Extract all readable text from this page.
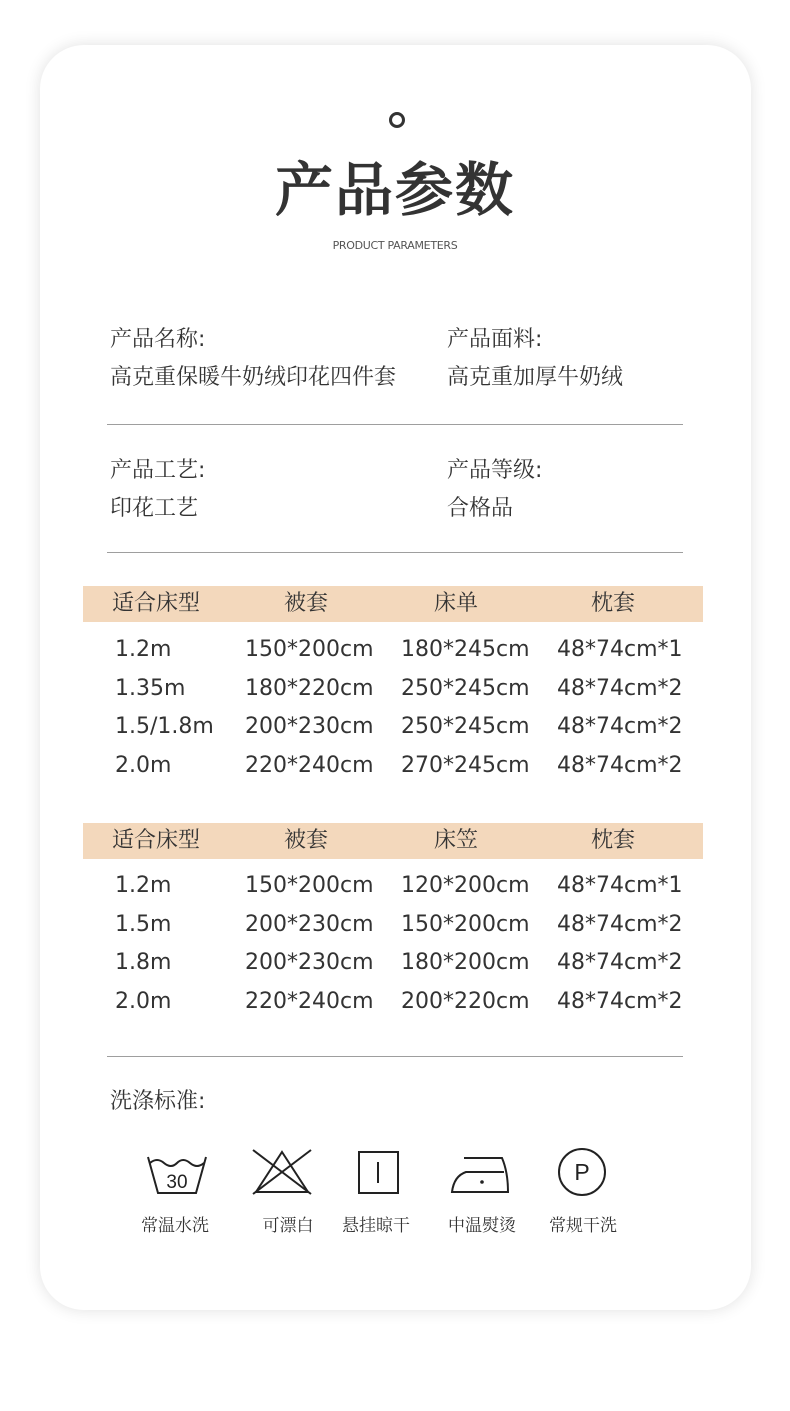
产品参数
PRODUCT PARAMETERS
产品名称:
高克重保暖牛奶绒印花四件套
产品面料:
高克重加厚牛奶绒
产品工艺:
印花工艺
产品等级:
合格品
适合床型	被套	床单	枕套
1.2m	150*200cm 180*245cm 48*74cm*1
1.35m	180*220cm 250*245cm 48*74cm*2
1.5/1.8m 200*230cm 250*245cm 48*74cm*2
2.0m	220*240cm 270*245cm 48*74cm*2
适合床型	被套	床笠	枕套
1.2m	150*200cm 120*200cm 48*74cm*1
1.5m	200*230cm 150*200cm 48*74cm*2
1.8m	200*230cm 180*200cm 48*74cm*2
2.0m	220*240cm 200*220cm 48*74cm*2
洗涤标准:
30	P
常温水洗	可漂白	悬挂晾干	中温熨烫	常规干洗
